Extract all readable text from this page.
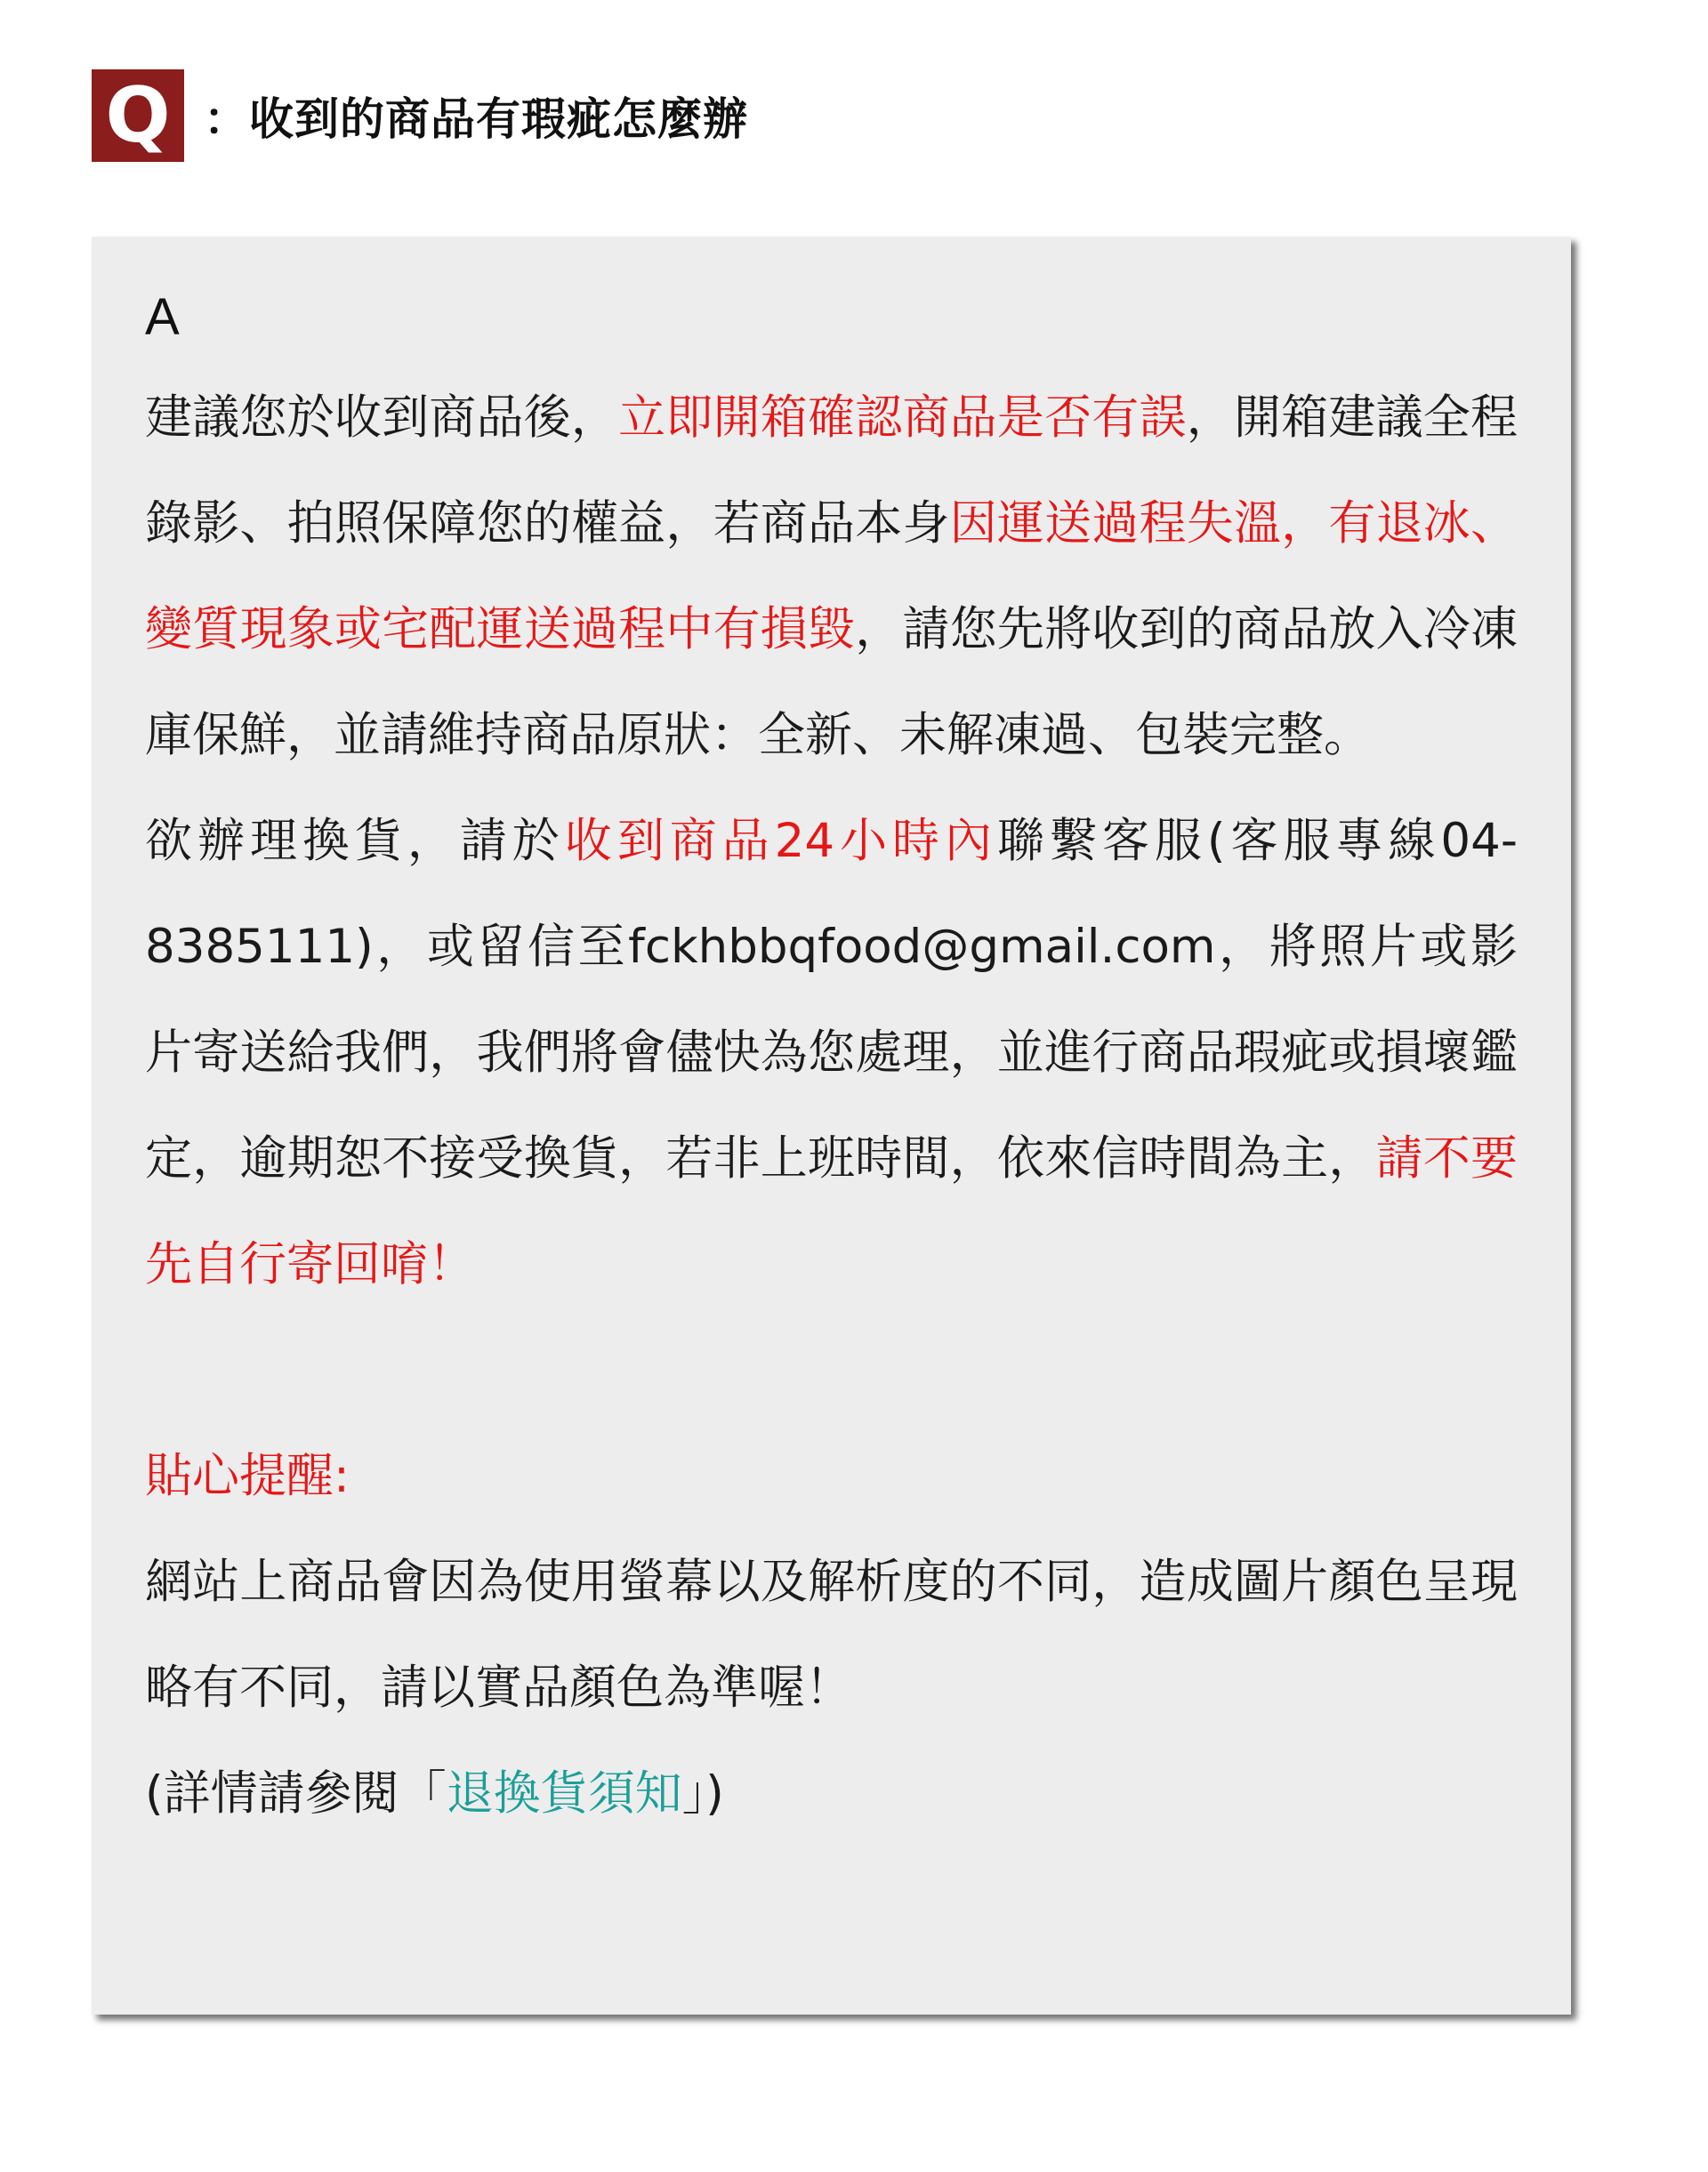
Q ：收到的商品有瑕疵怎麼辦
A
建議您於收到商品後，立即開箱確認商品是否有誤，開箱建議全程錄影、拍照保障您的權益，若商品本身因運送過程失溫，有退冰、變質現象或宅配運送過程中有損毀，請您先將收到的商品放入冷凍庫保鮮，並請維持商品原狀：全新、未解凍過、包裝完整。
欲辦理換貨，請於收到商品24小時內聯繫客服(客服專線04-8385111)，或留信至fckhbbqfood@gmail.com，將照片或影片寄送給我們，我們將會儘快為您處理，並進行商品瑕疵或損壞鑑定，逾期恕不接受換貨，若非上班時間，依來信時間為主，請不要先自行寄回唷！
貼心提醒:
網站上商品會因為使用螢幕以及解析度的不同，造成圖片顏色呈現略有不同，請以實品顏色為準喔！
(詳情請參閱「退換貨須知」)
